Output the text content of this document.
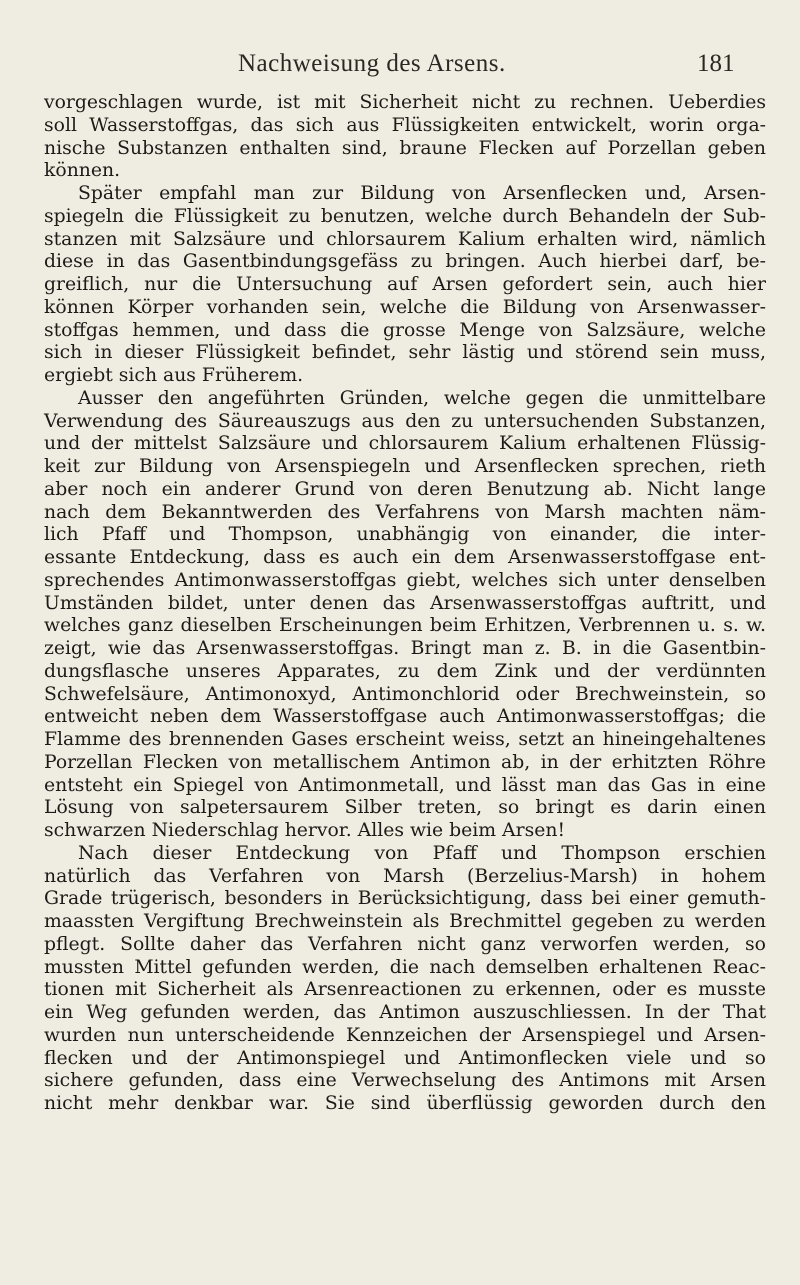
Nachweisung des Arsens.	181
vorgeschlagen wurde, ist mit Sicherheit nicht zu rechnen. Ueberdies
soll Wasserstoffgas, das sich aus Flüssigkeiten entwickelt, worin orga-
nische Substanzen enthalten sind, braune Flecken auf Porzellan geben
können.
Später empfahl man zur Bildung von Arsenflecken und, Arsen-
spiegeln die Flüssigkeit zu benutzen, welche durch Behandeln der Sub-
stanzen mit Salzsäure und chlorsaurem Kalium erhalten wird, nämlich
diese in das Gasentbindungsgefäss zu bringen. Auch hierbei darf, be-
greiflich, nur die Untersuchung auf Arsen gefordert sein, auch hier
können Körper vorhanden sein, welche die Bildung von Arsenwasser-
stoffgas hemmen, und dass die grosse Menge von Salzsäure, welche
sich in dieser Flüssigkeit befindet, sehr lästig und störend sein muss,
ergiebt sich aus Früherem.
Ausser den angeführten Gründen, welche gegen die unmittelbare
Verwendung des Säureauszugs aus den zu untersuchenden Substanzen,
und der mittelst Salzsäure und chlorsaurem Kalium erhaltenen Flüssig-
keit zur Bildung von Arsenspiegeln und Arsenflecken sprechen, rieth
aber noch ein anderer Grund von deren Benutzung ab. Nicht lange
nach dem Bekanntwerden des Verfahrens von Marsh machten näm-
lich Pfaff und Thompson, unabhängig von einander, die inter-
essante Entdeckung, dass es auch ein dem Arsenwasserstoffgase ent-
sprechendes Antimonwasserstoffgas giebt, welches sich unter denselben
Umständen bildet, unter denen das Arsenwasserstoffgas auftritt, und
welches ganz dieselben Erscheinungen beim Erhitzen, Verbrennen u. s. w.
zeigt, wie das Arsenwasserstoffgas. Bringt man z. B. in die Gasentbin-
dungsflasche unseres Apparates, zu dem Zink und der verdünnten
Schwefelsäure, Antimonoxyd, Antimonchlorid oder Brechweinstein, so
entweicht neben dem Wasserstoffgase auch Antimonwasserstoffgas; die
Flamme des brennenden Gases erscheint weiss, setzt an hineingehaltenes
Porzellan Flecken von metallischem Antimon ab, in der erhitzten Röhre
entsteht ein Spiegel von Antimonmetall, und lässt man das Gas in eine
Lösung von salpetersaurem Silber treten, so bringt es darin einen
schwarzen Niederschlag hervor. Alles wie beim Arsen!
Nach dieser Entdeckung von Pfaff und Thompson erschien
natürlich das Verfahren von Marsh (Berzelius-Marsh) in hohem
Grade trügerisch, besonders in Berücksichtigung, dass bei einer gemuth-
maassten Vergiftung Brechweinstein als Brechmittel gegeben zu werden
pflegt. Sollte daher das Verfahren nicht ganz verworfen werden, so
mussten Mittel gefunden werden, die nach demselben erhaltenen Reac-
tionen mit Sicherheit als Arsenreactionen zu erkennen, oder es musste
ein Weg gefunden werden, das Antimon auszuschliessen. In der That
wurden nun unterscheidende Kennzeichen der Arsenspiegel und Arsen-
flecken und der Antimonspiegel und Antimonflecken viele und so
sichere gefunden, dass eine Verwechselung des Antimons mit Arsen
nicht mehr denkbar war. Sie sind überflüssig geworden durch den
